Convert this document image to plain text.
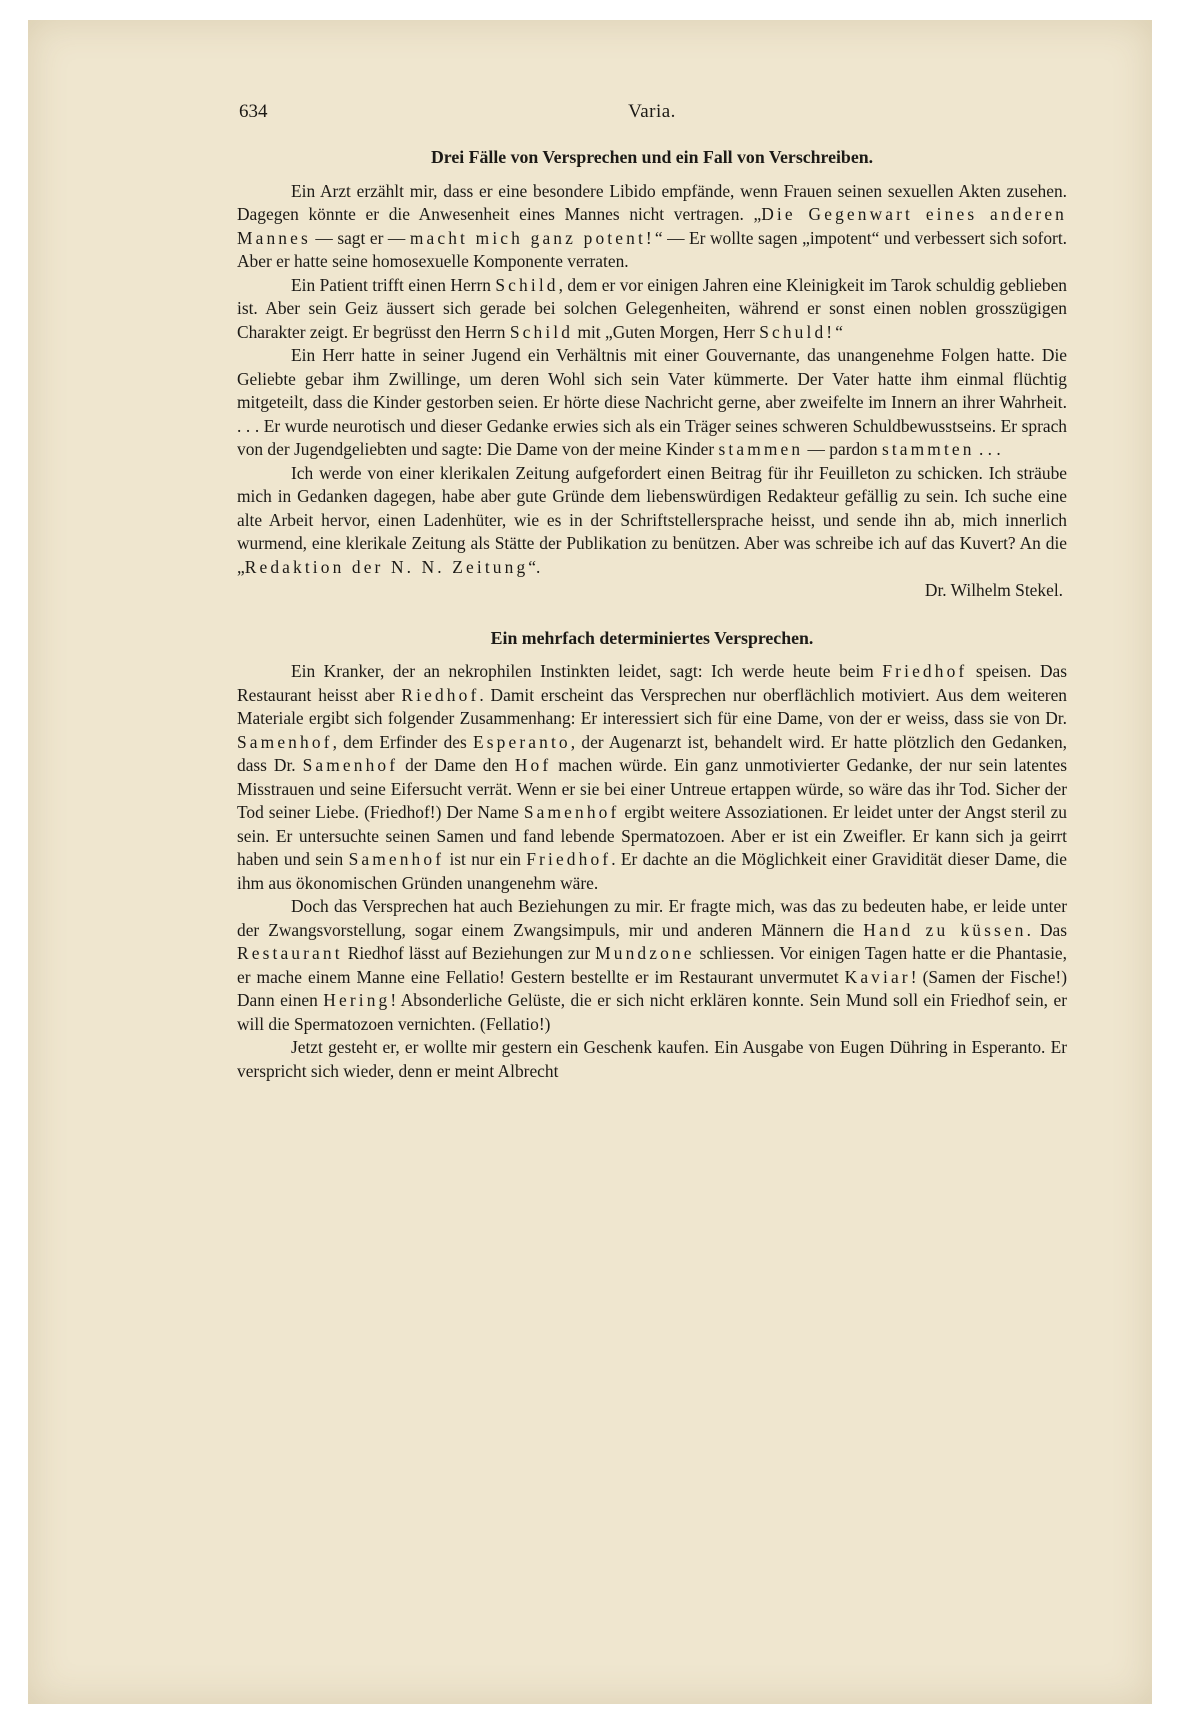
634	Varia.
Drei Fälle von Versprechen und ein Fall von Verschreiben.

Ein Arzt erzählt mir, dass er eine besondere Libido empfände, wenn Frauen seinen sexuellen Akten zusehen. Dagegen könnte er die Anwesenheit eines Mannes nicht vertragen. „Die Gegenwart eines anderen Mannes — sagt er — macht mich ganz potent!“ — Er wollte sagen „impotent“ und verbessert sich sofort. Aber er hatte seine homosexuelle Komponente verraten.

Ein Patient trifft einen Herrn Schild, dem er vor einigen Jahren eine Kleinigkeit im Tarok schuldig geblieben ist. Aber sein Geiz äussert sich gerade bei solchen Gelegenheiten, während er sonst einen noblen grosszügigen Charakter zeigt. Er begrüsst den Herrn Schild mit „Guten Morgen, Herr Schuld!“

Ein Herr hatte in seiner Jugend ein Verhältnis mit einer Gouvernante, das unangenehme Folgen hatte. Die Geliebte gebar ihm Zwillinge, um deren Wohl sich sein Vater kümmerte. Der Vater hatte ihm einmal flüchtig mitgeteilt, dass die Kinder gestorben seien. Er hörte diese Nachricht gerne, aber zweifelte im Innern an ihrer Wahrheit. . . . Er wurde neurotisch und dieser Gedanke erwies sich als ein Träger seines schweren Schuldbewusstseins. Er sprach von der Jugendgeliebten und sagte: Die Dame von der meine Kinder stammen — pardon stammten . . .

Ich werde von einer klerikalen Zeitung aufgefordert einen Beitrag für ihr Feuilleton zu schicken. Ich sträube mich in Gedanken dagegen, habe aber gute Gründe dem liebenswürdigen Redakteur gefällig zu sein. Ich suche eine alte Arbeit hervor, einen Ladenhüter, wie es in der Schriftstellersprache heisst, und sende ihn ab, mich innerlich wurmend, eine klerikale Zeitung als Stätte der Publikation zu benützen. Aber was schreibe ich auf das Kuvert? An die „Redaktion der N. N. Zeitung“.

Dr. Wilhelm Stekel.

Ein mehrfach determiniertes Versprechen.

Ein Kranker, der an nekrophilen Instinkten leidet, sagt: Ich werde heute beim Friedhof speisen. Das Restaurant heisst aber Riedhof. Damit erscheint das Versprechen nur oberflächlich motiviert. Aus dem weiteren Materiale ergibt sich folgender Zusammenhang: Er interessiert sich für eine Dame, von der er weiss, dass sie von Dr. Samenhof, dem Erfinder des Esperanto, der Augenarzt ist, behandelt wird. Er hatte plötzlich den Gedanken, dass Dr. Samenhof der Dame den Hof machen würde. Ein ganz unmotivierter Gedanke, der nur sein latentes Misstrauen und seine Eifersucht verrät. Wenn er sie bei einer Untreue ertappen würde, so wäre das ihr Tod. Sicher der Tod seiner Liebe. (Friedhof!) Der Name Samenhof ergibt weitere Assoziationen. Er leidet unter der Angst steril zu sein. Er untersuchte seinen Samen und fand lebende Spermatozoen. Aber er ist ein Zweifler. Er kann sich ja geirrt haben und sein Samenhof ist nur ein Friedhof. Er dachte an die Möglichkeit einer Gravidität dieser Dame, die ihm aus ökonomischen Gründen unangenehm wäre.

Doch das Versprechen hat auch Beziehungen zu mir. Er fragte mich, was das zu bedeuten habe, er leide unter der Zwangsvorstellung, sogar einem Zwangsimpuls, mir und anderen Männern die Hand zu küssen. Das Restaurant Riedhof lässt auf Beziehungen zur Mundzone schliessen. Vor einigen Tagen hatte er die Phantasie, er mache einem Manne eine Fellatio! Gestern bestellte er im Restaurant unvermutet Kaviar! (Samen der Fische!) Dann einen Hering! Absonderliche Gelüste, die er sich nicht erklären konnte. Sein Mund soll ein Friedhof sein, er will die Spermatozoen vernichten. (Fellatio!)

Jetzt gesteht er, er wollte mir gestern ein Geschenk kaufen. Ein Ausgabe von Eugen Dühring in Esperanto. Er verspricht sich wieder, denn er meint Albrecht
